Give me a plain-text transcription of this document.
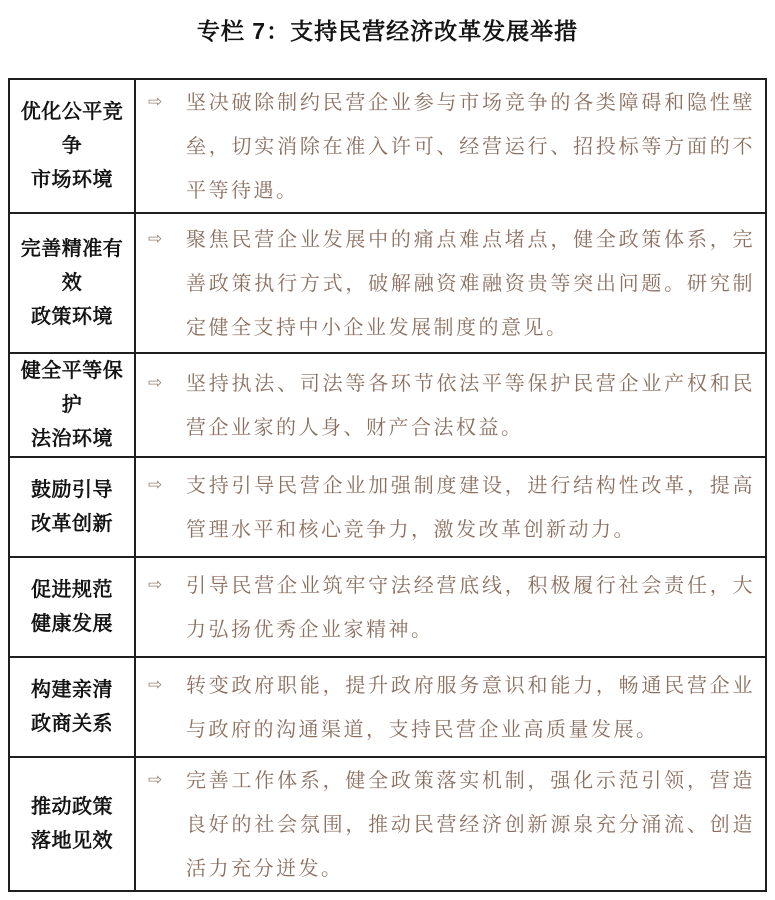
专栏 7：支持民营经济改革发展举措
优化公平竞争
市场环境

⇨	坚决破除制约民营企业参与市场竞争的各类障碍和隐性壁垒，切实消除在准入许可、经营运行、招投标等方面的不平等待遇。

完善精准有效
政策环境

⇨	聚焦民营企业发展中的痛点难点堵点，健全政策体系，完善政策执行方式，破解融资难融资贵等突出问题。研究制定健全支持中小企业发展制度的意见。

健全平等保护
法治环境

⇨	坚持执法、司法等各环节依法平等保护民营企业产权和民营企业家的人身、财产合法权益。

鼓励引导
改革创新

⇨	支持引导民营企业加强制度建设，进行结构性改革，提高管理水平和核心竞争力，激发改革创新动力。

促进规范
健康发展

⇨	引导民营企业筑牢守法经营底线，积极履行社会责任，大力弘扬优秀企业家精神。

构建亲清
政商关系

⇨	转变政府职能，提升政府服务意识和能力，畅通民营企业与政府的沟通渠道，支持民营企业高质量发展。

推动政策
落地见效

⇨	完善工作体系，健全政策落实机制，强化示范引领，营造良好的社会氛围，推动民营经济创新源泉充分涌流、创造活力充分迸发。
